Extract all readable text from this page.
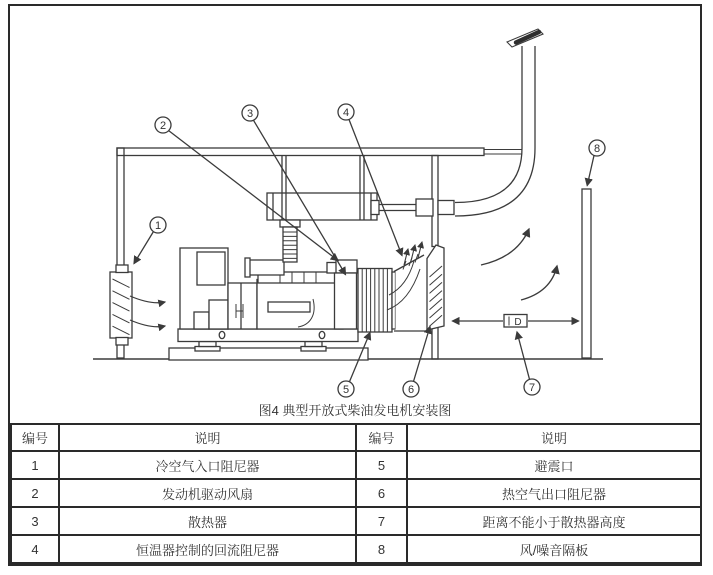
D
1
2
3	4
5	6	7
8
图4 典型开放式柴油发电机安装图
编号	说明	编号	说明
1	冷空气入口阻尼器	5	避震口
2	发动机驱动风扇	6	热空气出口阻尼器
3	散热器	7	距离不能小于散热器高度
4	恒温器控制的回流阻尼器	8	风/噪音隔板
